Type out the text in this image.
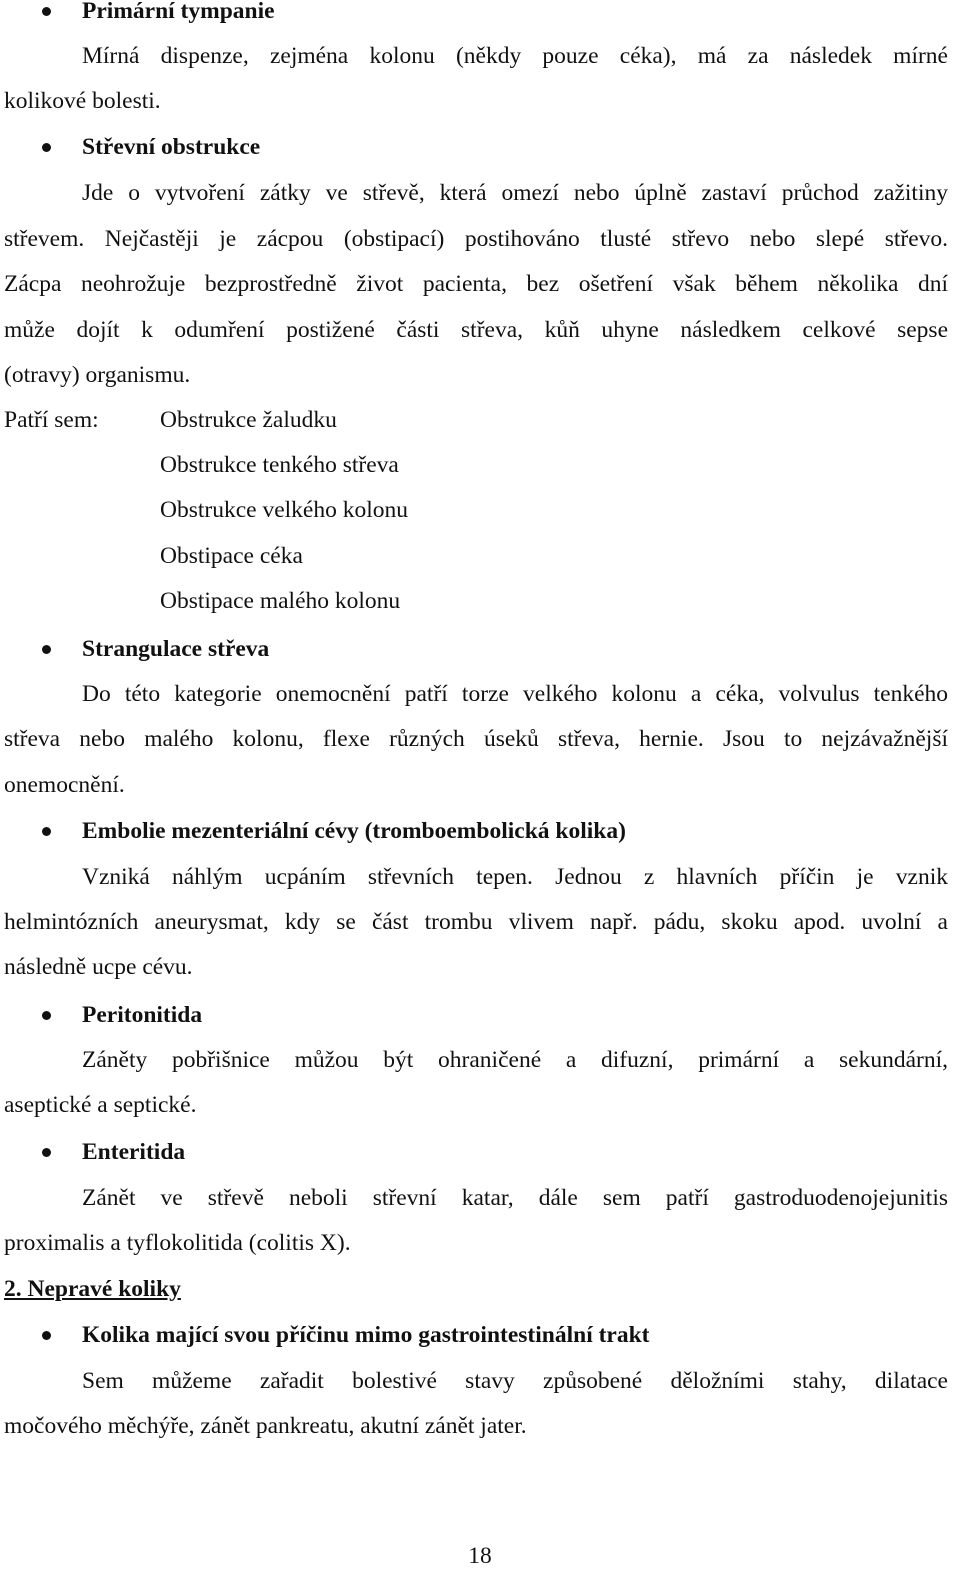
Primární tympanie
Mírná dispenze, zejména kolonu (někdy pouze céka), má za následek mírné
kolikové bolesti.
Střevní obstrukce
Jde o vytvoření zátky ve střevě, která omezí nebo úplně zastaví průchod zažitiny
střevem. Nejčastěji je zácpou (obstipací) postihováno tlusté střevo nebo slepé střevo.
Zácpa neohrožuje bezprostředně život pacienta, bez ošetření však během několika dní
může dojít k odumření postižené části střeva, kůň uhyne následkem celkové sepse
(otravy) organismu.
Patří sem:	Obstrukce žaludku
Obstrukce tenkého střeva
Obstrukce velkého kolonu
Obstipace céka
Obstipace malého kolonu
Strangulace střeva
Do této kategorie onemocnění patří torze velkého kolonu a céka, volvulus tenkého
střeva nebo malého kolonu, flexe různých úseků střeva, hernie. Jsou to nejzávažnější
onemocnění.
Embolie mezenteriální cévy (tromboembolická kolika)
Vzniká náhlým ucpáním střevních tepen. Jednou z hlavních příčin je vznik
helmintózních aneurysmat, kdy se část trombu vlivem např. pádu, skoku apod. uvolní a
následně ucpe cévu.
Peritonitida
Záněty pobřišnice můžou být ohraničené a difuzní, primární a sekundární,
aseptické a septické.
Enteritida
Zánět ve střevě neboli střevní katar, dále sem patří gastroduodenojejunitis
proximalis a tyflokolitida (colitis X).
2. Nepravé koliky
Kolika mající svou příčinu mimo gastrointestinální trakt
Sem můžeme zařadit bolestivé stavy způsobené děložními stahy, dilatace
močového měchýře, zánět pankreatu, akutní zánět jater.
18
